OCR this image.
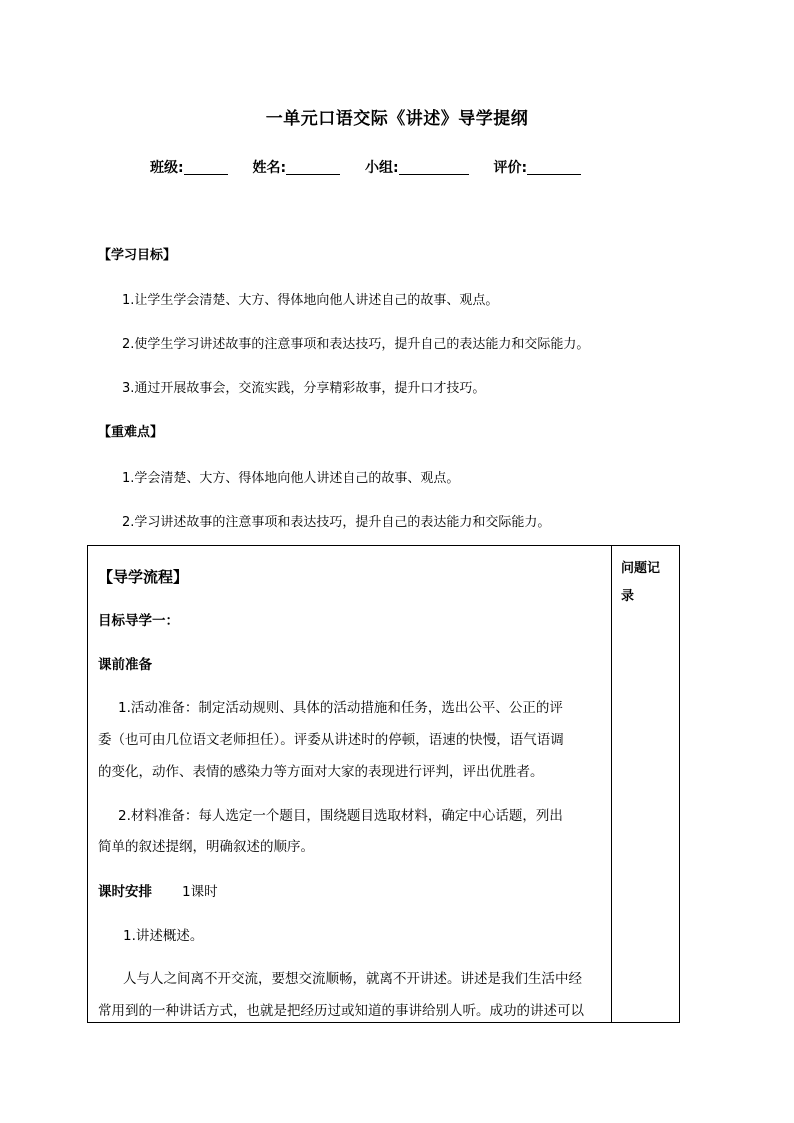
一单元口语交际《讲述》导学提纲
班级:	姓名:	小组:	评价:
【学习目标】
1.让学生学会清楚、大方、得体地向他人讲述自己的故事、观点。
2.使学生学习讲述故事的注意事项和表达技巧，提升自己的表达能力和交际能力。
3.通过开展故事会，交流实践，分享精彩故事，提升口才技巧。
【重难点】
1.学会清楚、大方、得体地向他人讲述自己的故事、观点。
2.学习讲述故事的注意事项和表达技巧，提升自己的表达能力和交际能力。
【导学流程】
目标导学一：
课前准备
1.活动准备：制定活动规则、具体的活动措施和任务，选出公平、公正的评
委（也可由几位语文老师担任）。评委从讲述时的停顿，语速的快慢，语气语调
的变化，动作、表情的感染力等方面对大家的表现进行评判，评出优胜者。
2.材料准备：每人选定一个题目，围绕题目选取材料，确定中心话题，列出
简单的叙述提纲，明确叙述的顺序。
课时安排 1课时
1.讲述概述。
人与人之间离不开交流，要想交流顺畅，就离不开讲述。讲述是我们生活中经
常用到的一种讲话方式，也就是把经历过或知道的事讲给别人听。成功的讲述可以
问题记
录
